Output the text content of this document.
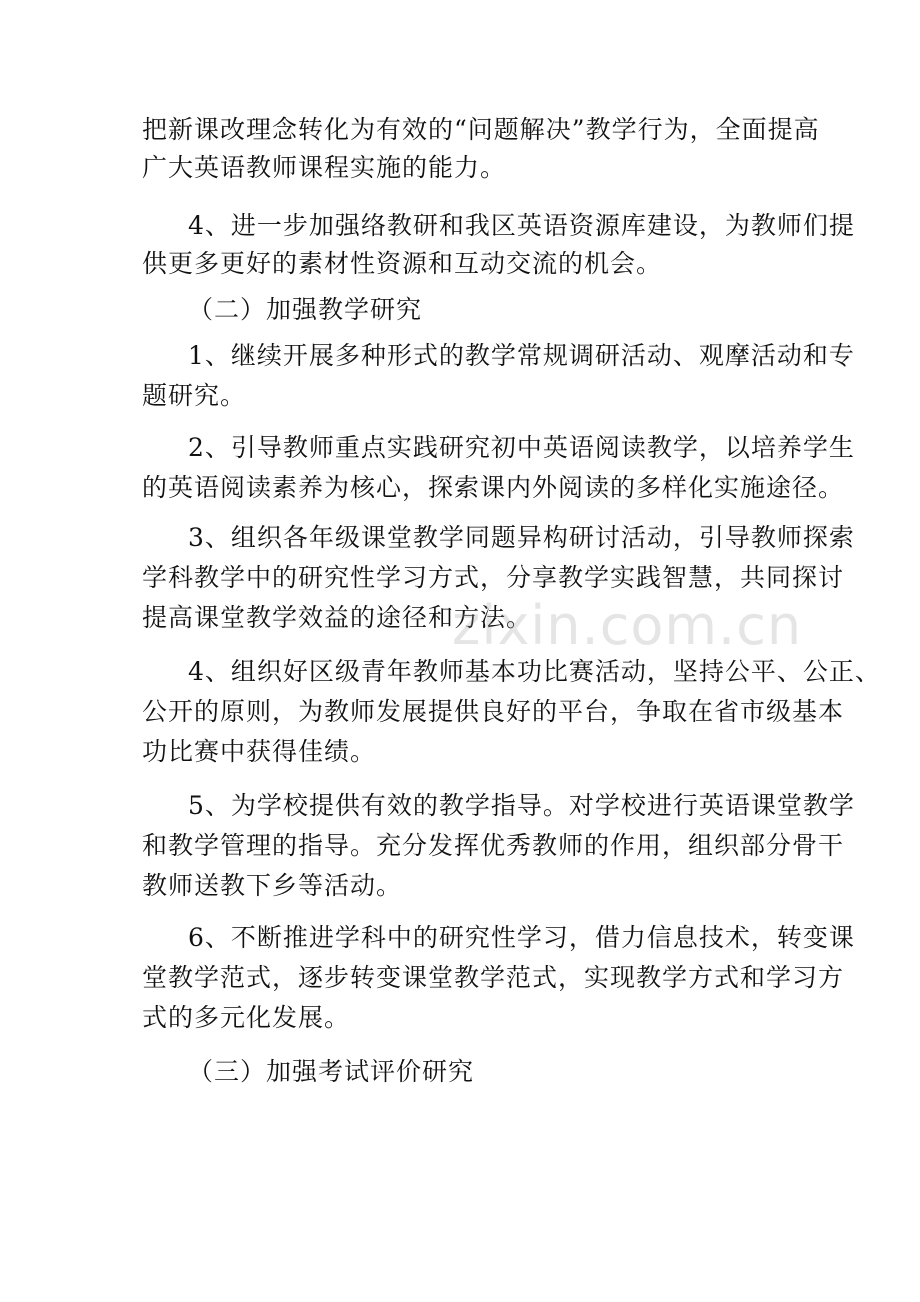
把新课改理念转化为有效的“问题解决”教学行为，全面提高
广大英语教师课程实施的能力。
4、进一步加强络教研和我区英语资源库建设，为教师们提
供更多更好的素材性资源和互动交流的机会。
（二）加强教学研究
1、继续开展多种形式的教学常规调研活动、观摩活动和专
题研究。
2、引导教师重点实践研究初中英语阅读教学，以培养学生
的英语阅读素养为核心，探索课内外阅读的多样化实施途径。
3、组织各年级课堂教学同题异构研讨活动，引导教师探索
学科教学中的研究性学习方式，分享教学实践智慧，共同探讨
提高课堂教学效益的途径和方法。
4、组织好区级青年教师基本功比赛活动，坚持公平、公正、
公开的原则，为教师发展提供良好的平台，争取在省市级基本
功比赛中获得佳绩。
5、为学校提供有效的教学指导。对学校进行英语课堂教学
和教学管理的指导。充分发挥优秀教师的作用，组织部分骨干
教师送教下乡等活动。
6、不断推进学科中的研究性学习，借力信息技术，转变课
堂教学范式，逐步转变课堂教学范式，实现教学方式和学习方
式的多元化发展。
（三）加强考试评价研究
zixin.com.cn
